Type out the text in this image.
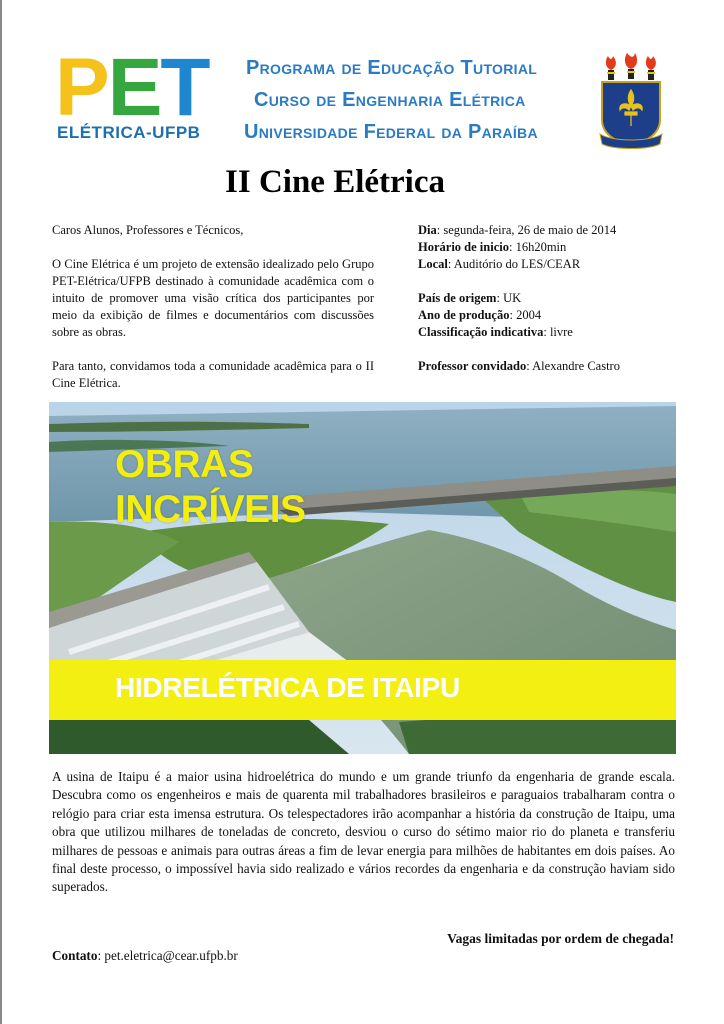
PET
ELÉTRICA-UFPB
Programa de Educação Tutorial
Curso de Engenharia Elétrica
Universidade Federal da Paraíba
II Cine Elétrica

Caros Alunos, Professores e Técnicos,

O Cine Elétrica é um projeto de extensão idealizado pelo Grupo PET-Elétrica/UFPB destinado à comunidade acadêmica com o intuito de promover uma visão crítica dos participantes por meio da exibição de filmes e documentários com discussões sobre as obras.

Para tanto, convidamos toda a comunidade acadêmica para o II Cine Elétrica.

Dia: segunda-feira, 26 de maio de 2014
Horário de inicio: 16h20min
Local: Auditório do LES/CEAR
País de origem: UK
Ano de produção: 2004
Classificação indicativa: livre
Professor convidado: Alexandre Castro
OBRAS
INCRÍVEIS
HIDRELÉTRICA DE ITAIPU
A usina de Itaipu é a maior usina hidroelétrica do mundo e um grande triunfo da engenharia de grande escala. Descubra como os engenheiros e mais de quarenta mil trabalhadores brasileiros e paraguaios trabalharam contra o relógio para criar esta imensa estrutura. Os telespectadores irão acompanhar a história da construção de Itaipu, uma obra que utilizou milhares de toneladas de concreto, desviou o curso do sétimo maior rio do planeta e transferiu milhares de pessoas e animais para outras áreas a fim de levar energia para milhões de habitantes em dois países. Ao final deste processo, o impossível havia sido realizado e vários recordes da engenharia e da construção haviam sido superados.
Vagas limitadas por ordem de chegada!
Contato: pet.eletrica@cear.ufpb.br
